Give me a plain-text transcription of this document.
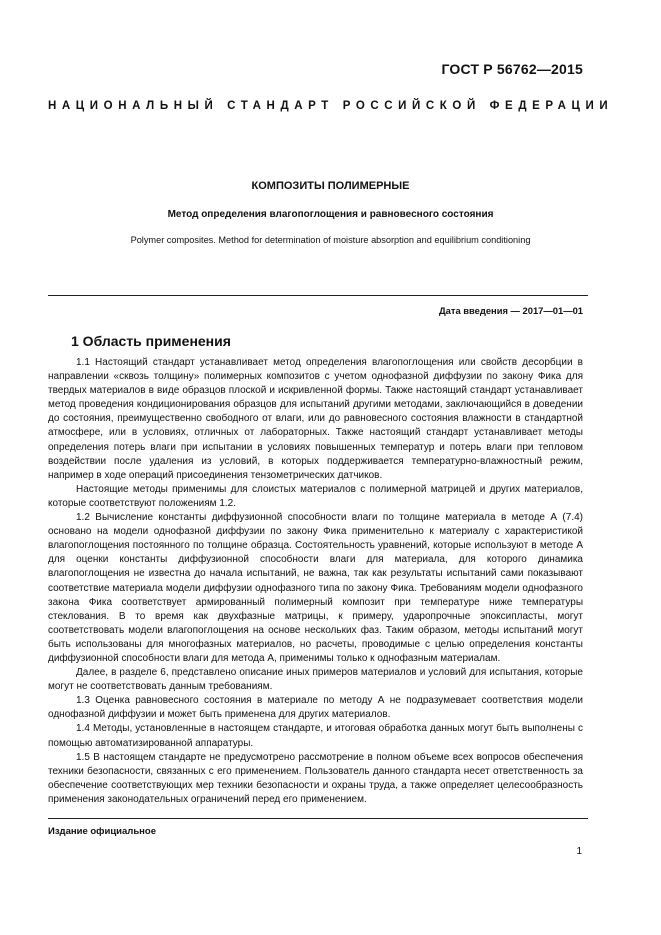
ГОСТ Р 56762—2015
НАЦИОНАЛЬНЫЙ СТАНДАРТ РОССИЙСКОЙ ФЕДЕРАЦИИ
КОМПОЗИТЫ ПОЛИМЕРНЫЕ
Метод определения влагопоглощения и равновесного состояния
Polymer composites. Method for determination of moisture absorption and equilibrium conditioning
Дата введения — 2017—01—01
1 Область применения

1.1 Настоящий стандарт устанавливает метод определения влагопоглощения или свойств десорбции в направлении «сквозь толщину» полимерных композитов с учетом однофазной диффузии по закону Фика для твердых материалов в виде образцов плоской и искривленной формы. Также настоящий стандарт устанавливает метод проведения кондиционирования образцов для испытаний другими методами, заключающийся в доведении до состояния, преимущественно свободного от влаги, или до равновесного состояния влажности в стандартной атмосфере, или в условиях, отличных от лабораторных. Также настоящий стандарт устанавливает методы определения потерь влаги при испытании в условиях повышенных температур и потерь влаги при тепловом воздействии после удаления из условий, в которых поддерживается температурно-влажностный режим, например в ходе операций присоединения тензометрических датчиков.

Настоящие методы применимы для слоистых материалов с полимерной матрицей и других материалов, которые соответствуют положениям 1.2.

1.2 Вычисление константы диффузионной способности влаги по толщине материала в методе А (7.4) основано на модели однофазной диффузии по закону Фика применительно к материалу с характеристикой влагопоглощения постоянного по толщине образца. Состоятельность уравнений, которые используют в методе А для оценки константы диффузионной способности влаги для материала, для которого динамика влагопоглощения не известна до начала испытаний, не важна, так как результаты испытаний сами показывают соответствие материала модели диффузии однофазного типа по закону Фика. Требованиям модели однофазного закона Фика соответствует армированный полимерный композит при температуре ниже температуры стеклования. В то время как двухфазные матрицы, к примеру, ударопрочные эпоксипласты, могут соответствовать модели влагопоглощения на основе нескольких фаз. Таким образом, методы испытаний могут быть использованы для многофазных материалов, но расчеты, проводимые с целью определения константы диффузионной способности влаги для метода А, применимы только к однофазным материалам.

Далее, в разделе 6, представлено описание иных примеров материалов и условий для испытания, которые могут не соответствовать данным требованиям.

1.3 Оценка равновесного состояния в материале по методу А не подразумевает соответствия модели однофазной диффузии и может быть применена для других материалов.

1.4 Методы, установленные в настоящем стандарте, и итоговая обработка данных могут быть выполнены с помощью автоматизированной аппаратуры.

1.5 В настоящем стандарте не предусмотрено рассмотрение в полном объеме всех вопросов обеспечения техники безопасности, связанных с его применением. Пользователь данного стандарта несет ответственность за обеспечение соответствующих мер техники безопасности и охраны труда, а также определяет целесообразность применения законодательных ограничений перед его применением.

Издание официальное
1
